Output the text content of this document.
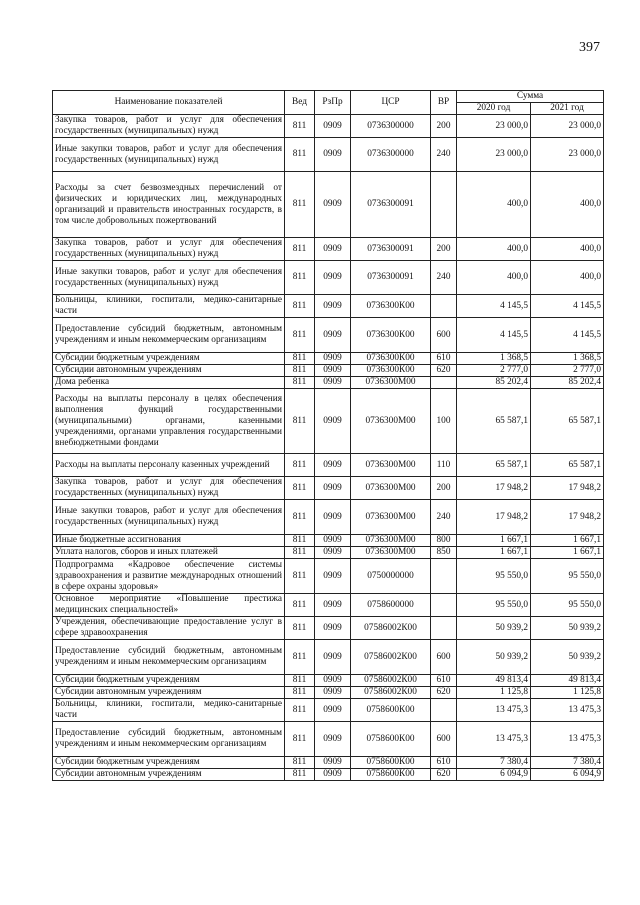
397
Наименование показателей	Вед	РзПр	ЦСР	ВР	Сумма	
					2020 год	2021 год
Закупка товаров, работ и услуг для обеспечения государственных (муниципальных) нужд	811	0909	0736300000	200	23 000,0	23 000,0
Иные закупки товаров, работ и услуг для обеспечения государственных (муниципальных) нужд	811	0909	0736300000	240	23 000,0	23 000,0
Расходы за счет безвозмездных перечислений от физических и юридических лиц, международных организаций и правительств иностранных государств, в том числе добровольных пожертвований	811	0909	0736300091		400,0	400,0
Закупка товаров, работ и услуг для обеспечения государственных (муниципальных) нужд	811	0909	0736300091	200	400,0	400,0
Иные закупки товаров, работ и услуг для обеспечения государственных (муниципальных) нужд	811	0909	0736300091	240	400,0	400,0
Больницы, клиники, госпитали, медико-санитарные части	811	0909	0736300К00		4 145,5	4 145,5
Предоставление субсидий бюджетным, автономным учреждениям и иным некоммерческим организациям	811	0909	0736300К00	600	4 145,5	4 145,5
Субсидии бюджетным учреждениям	811	0909	0736300К00	610	1 368,5	1 368,5
Субсидии автономным учреждениям	811	0909	0736300К00	620	2 777,0	2 777,0
Дома ребенка	811	0909	0736300М00		85 202,4	85 202,4
Расходы на выплаты персоналу в целях обеспечения выполнения функций государственными (муниципальными) органами, казенными учреждениями, органами управления государственными внебюджетными фондами	811	0909	0736300М00	100	65 587,1	65 587,1
Расходы на выплаты персоналу казенных учреждений	811	0909	0736300М00	110	65 587,1	65 587,1
Закупка товаров, работ и услуг для обеспечения государственных (муниципальных) нужд	811	0909	0736300М00	200	17 948,2	17 948,2
Иные закупки товаров, работ и услуг для обеспечения государственных (муниципальных) нужд	811	0909	0736300М00	240	17 948,2	17 948,2
Иные бюджетные ассигнования	811	0909	0736300М00	800	1 667,1	1 667,1
Уплата налогов, сборов и иных платежей	811	0909	0736300М00	850	1 667,1	1 667,1
Подпрограмма «Кадровое обеспечение системы здравоохранения и развитие международных отношений в сфере охраны здоровья»	811	0909	0750000000		95 550,0	95 550,0
Основное мероприятие «Повышение престижа медицинских специальностей»	811	0909	0758600000		95 550,0	95 550,0
Учреждения, обеспечивающие предоставление услуг в сфере здравоохранения	811	0909	07586002К00		50 939,2	50 939,2
Предоставление субсидий бюджетным, автономным учреждениям и иным некоммерческим организациям	811	0909	07586002К00	600	50 939,2	50 939,2
Субсидии бюджетным учреждениям	811	0909	07586002К00	610	49 813,4	49 813,4
Субсидии автономным учреждениям	811	0909	07586002К00	620	1 125,8	1 125,8
Больницы, клиники, госпитали, медико-санитарные части	811	0909	0758600К00		13 475,3	13 475,3
Предоставление субсидий бюджетным, автономным учреждениям и иным некоммерческим организациям	811	0909	0758600К00	600	13 475,3	13 475,3
Субсидии бюджетным учреждениям	811	0909	0758600К00	610	7 380,4	7 380,4
Субсидии автономным учреждениям	811	0909	0758600К00	620	6 094,9	6 094,9
